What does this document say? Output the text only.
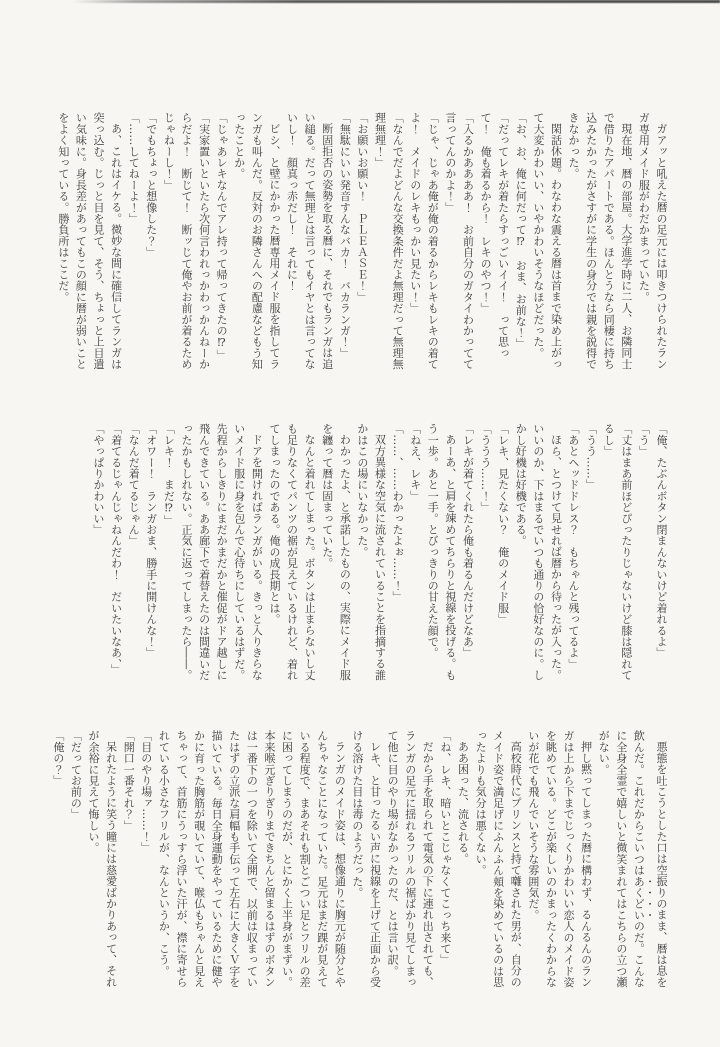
ガアッと吼えた暦の足元には叩きつけられたランガ専用メイド服がわだかまっていた。

現在地、暦の部屋。大学進学時に二人、お隣同士で借りたアパートである。ほんとうなら同棲に持ち込みたかったがさすがに学生の身分では親を説得できなかった。

閑話休題。わなわな震える暦は首まで染め上がって大変かわいい、いやかわいそうなほどだった。

「お、お、俺に何だって⁉　おま、お前な！」

「だってレキが着たらすっごいイイ！　って思って！　俺も着るから！　レキのやつ！」

「入るかああああ！　お前自分のガタイわかってて言ってんのかよ！」

「じゃ、じゃあ俺が俺の着るからレキもレキの着てよ！　メイドのレキもっかい見たい！」

「なんでだよどんな交換条件だよ無理だって無理無理無理！」

「お願いお願い！　ＰＬＥＡＳＥ！」

「無駄にいい発音すんなバカ！　バカランガ！」

断固拒否の姿勢を取る暦に、それでもランガは追い縋る。だって無理とは言ってもイヤとは言ってないし！　顔真っ赤だし！　それに！

ビシ、と壁にかかった暦専用メイド服を指してランガも叫んだ。反対のお隣さんへの配慮などもう知ったことか。

「じゃあレキなんでアレ持って帰ってきたの⁉」

「実家置いといたら次何言われっかわっかんねーからだよ！　断じて！　断ッじて俺やお前が着るためじゃねーし！」

「でもちょっと想像した？」

「……してねーよ！」

あ、これはイケる。微妙な間に確信してランガは突っ込む。じっと目を見て、そう、ちょっと上目遣い気味に。身長差があってもこの顔に暦が弱いことをよく知っている。勝負所はここだ。

「俺、たぶんボタン閉まんないけど着れるよ」

「う」

「丈はまあ前ほどぴったりじゃないけど膝は隠れてるし」

「うう……」

「あとヘッドドレス？　もちゃんと残ってるよ」

ほら、とつけて見せれば暦から待ったが入った。いいのか、下はまるでいつも通りの恰好なのに。しかし好機は好機である。

「レキ、見たくない？　俺のメイド服」

「ううう……！」

「レキが着てくれたら俺も着るんだけどなあ」

あーあ、と肩を竦めてちらりと視線を投げる。もう一歩。あと一手。とびっきりの甘えた顔で。

「ねえ、レキ」

「……、……わかったよぉ……！」

双方異様な空気に流されていることを指摘する誰かはこの場にいなかった。

わかったよ、と承諾したものの、実際にメイド服を纏って暦は固まっていた。

なんと着れてしまった。ボタンは止まらないし丈も足りなくてパンツの裾が見えているけれど、着れてしまったのである。俺の成長期とは。

ドアを開ければランガがいる。きっと入りきらないメイド服に身を包んで心待ちにしているはずだ。先程からしきりにまだかまだかと催促がドア越しに飛んできている。ああ廊下で着替えたのは間違いだったかもしれない。正気に返ってしまったら――。

「レキ！　まだ⁉」

「オワー！　ランガおま、勝手に開けんな！」

「なんだ着てるじゃん」

「着てるじゃんじゃねんだわ！　だいたいなあ、」

「やっぱりかわいい」

悪態を吐こうとした口は空振りのまま、暦は息を飲んだ。これだからこいつはあくどいのだ。こんなに全身全霊で嬉しいと微笑まれてはこちらの立つ瀬がない。

押し黙ってしまった暦に構わず、るんるんのランガは上から下までじっくりかわいい恋人のメイド姿を眺めている。どこが楽しいのかまったくわからないが花でも飛んでいそうな雰囲気だ。

高校時代にプリンスと持て囃された男が、自分のメイド姿で満足げにふんふん頬を染めているのは思ったよりも気分は悪くない。

ああ困った、流される。

「ね、レキ、暗いとこじゃなくてこっち来て」

だから手を取られて電気の下に連れ出されても、ランガの足元に揺れるフリルの裾ばかり見てしまって他に目のやり場がなかったのだ、とは言い訳。

レキ、と甘ったるい声に視線を上げて正面から受ける溶けた目は毒のようだった。

ランガのメイド姿は、想像通りに胸元が随分とやんちゃなことになっていた。足元はまだ踝が見えている程度で、まあそれも割とごつい足とフリルの差に困ってしまうのだが、とにかく上半身がまずい。本来喉元ぎりぎりまできちんと留まるはずのボタンは一番下の一つを除いて全開で、以前は収まっていたはずの立派な肩幅も手伝って左右に大きくＶ字を描いている。毎日全身運動をやっているために健やかに育った胸筋が覗いていて、喉仏もちゃんと見えちゃって、首筋にうっすら浮いた汗が、襟に寄せられている小さなフリルが、なんというか、こう。

「目のやり場ァ……！」

「開口一番それ？」

呆れたように笑う瞳には慈愛ばかりあって、それが余裕に見えて悔しい。

「だってお前の」

「俺の？」
